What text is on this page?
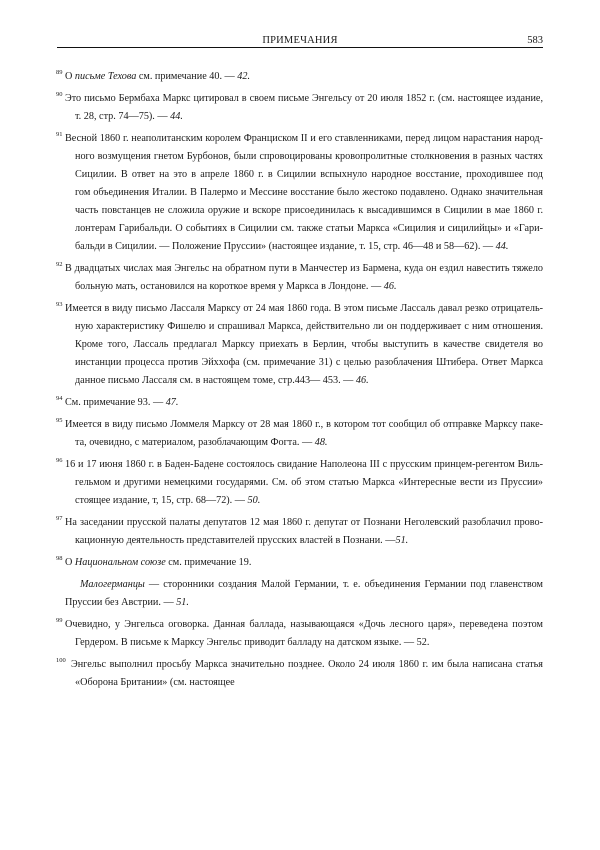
ПРИМЕЧАНИЯ	583
89 О письме Техова см. примечание 40. — 42.
90 Это письмо Бермбаха Маркс цитировал в своем письме Энгельсу от 20 июля 1852 г. (см. настоящее издание,
т. 28, стр. 74—75). — 44.
91 Весной 1860 г. неаполитанским королем Франциском II и его ставленниками, перед лицом нарастания народ-
ного возмущения гнетом Бурбонов, были спровоцированы кровопролитные столкновения в разных частях
Сицилии. В ответ на это в апреле 1860 г. в Сицилии вспыхнуло народное восстание, проходившее под
гом объединения Италии. В Палермо и Мессине восстание было жестоко подавлено. Однако значительная
часть повстанцев не сложила оружие и вскоре присоединилась к высадившимся в Сицилии в мае 1860 г.
лонтерам Гарибальди. О событиях в Сицилии см. также статьи Маркса «Сицилия и сицилийцы» и «Гари-
бальди в Сицилии. — Положение Пруссии» (настоящее издание, т. 15, стр. 46—48 и 58—62). — 44.
92 В двадцатых числах мая Энгельс на обратном пути в Манчестер из Бармена, куда он ездил навестить тяжело
больную мать, остановился на короткое время у Маркса в Лондоне. — 46.
93 Имеется в виду письмо Лассаля Марксу от 24 мая 1860 года. В этом письме Лассаль давал резко отрицатель-
ную характеристику Фишелю и спрашивал Маркса, действительно ли он поддерживает с ним отношения.
Кроме того, Лассаль предлагал Марксу приехать в Берлин, чтобы выступить в качестве свидетеля во
инстанции процесса против Эйххофа (см. примечание 31) с целью разоблачения Штибера. Ответ Маркса
данное письмо Лассаля см. в настоящем томе, стр.443— 453. — 46.
94 См. примечание 93. — 47.
95 Имеется в виду письмо Ломмеля Марксу от 28 мая 1860 г., в котором тот сообщил об отправке Марксу паке-
та, очевидно, с материалом, разоблачающим Фогта. — 48.
96 16 и 17 июня 1860 г. в Баден-Бадене состоялось свидание Наполеона III с прусским принцем-регентом Виль-
гельмом и другими немецкими государями. См. об этом статью Маркса «Интересные вести из Пруссии»
стоящее издание, т, 15, стр. 68—72). — 50.
97 На заседании прусской палаты депутатов 12 мая 1860 г. депутат от Познани Неголевский разоблачил прово-
кационную деятельность представителей прусских властей в Познани. —51.
98 О Национальном союзе см. примечание 19.
Малогерманцы — сторонники создания Малой Германии, т. е. объединения Германии под главенством
Пруссии без Австрии. — 51.
99 Очевидно, у Энгельса оговорка. Данная баллада, называющаяся «Дочь лесного царя», переведена поэтом
Гердером. В письме к Марксу Энгельс приводит балладу на датском языке. — 52.
100 Энгельс выполнил просьбу Маркса значительно позднее. Около 24 июля 1860 г. им была написана статья
«Оборона Британии» (см. настоящее
